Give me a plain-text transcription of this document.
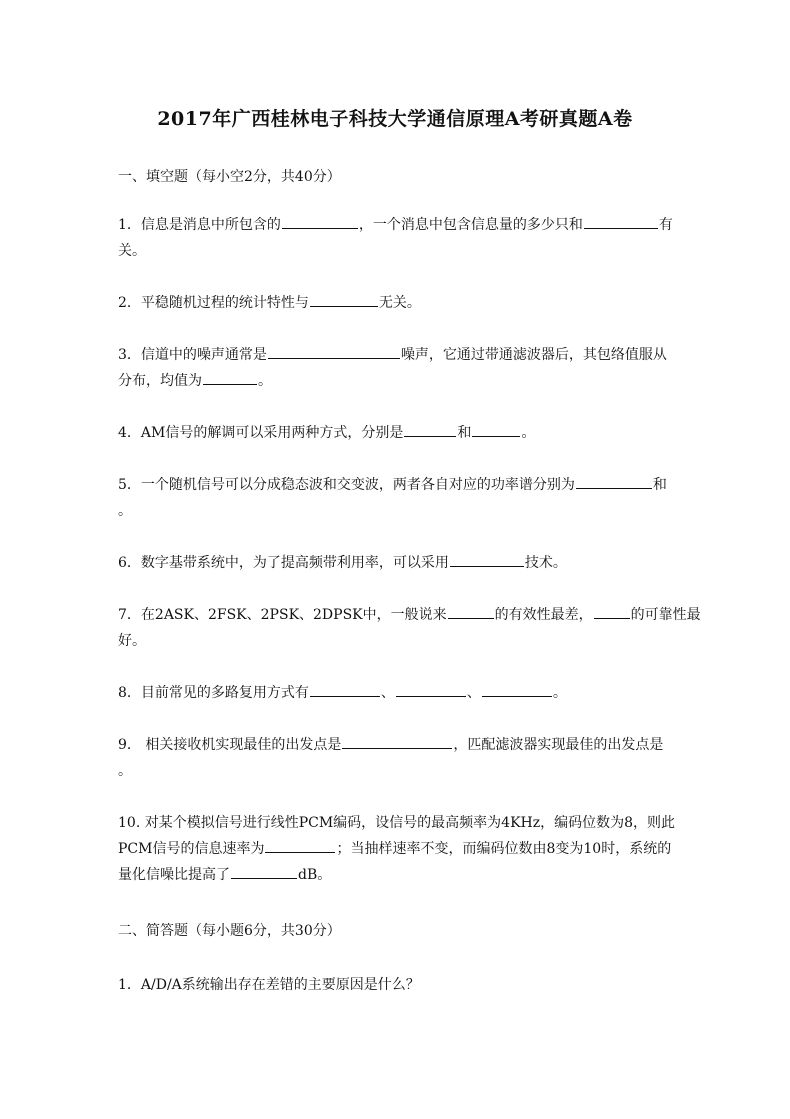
2017年广西桂林电子科技大学通信原理A考研真题A卷
一、填空题（每小空2分，共40分）
1．信息是消息中所包含的	，一个消息中包含信息量的多少只和	有
关。
2．平稳随机过程的统计特性与	无关。
3．信道中的噪声通常是	噪声，它通过带通滤波器后，其包络值服从
分布，均值为	。
4．AM信号的解调可以采用两种方式，分别是	和	。
5．一个随机信号可以分成稳态波和交变波，两者各自对应的功率谱分别为	和
。
6．数字基带系统中，为了提高频带利用率，可以采用	技术。
7．在2ASK、2FSK、2PSK、2DPSK中，一般说来	的有效性最差，	的可靠性最
好。
8．目前常见的多路复用方式有	、	、	。
9． 相关接收机实现最佳的出发点是	，匹配滤波器实现最佳的出发点是
。
10. 对某个模拟信号进行线性PCM编码，设信号的最高频率为4KHz，编码位数为8，则此
PCM信号的信息速率为	；当抽样速率不变，而编码位数由8变为10时，系统的
量化信噪比提高了	dB。
二、简答题（每小题6分，共30分）
1．A/D/A系统输出存在差错的主要原因是什么？
